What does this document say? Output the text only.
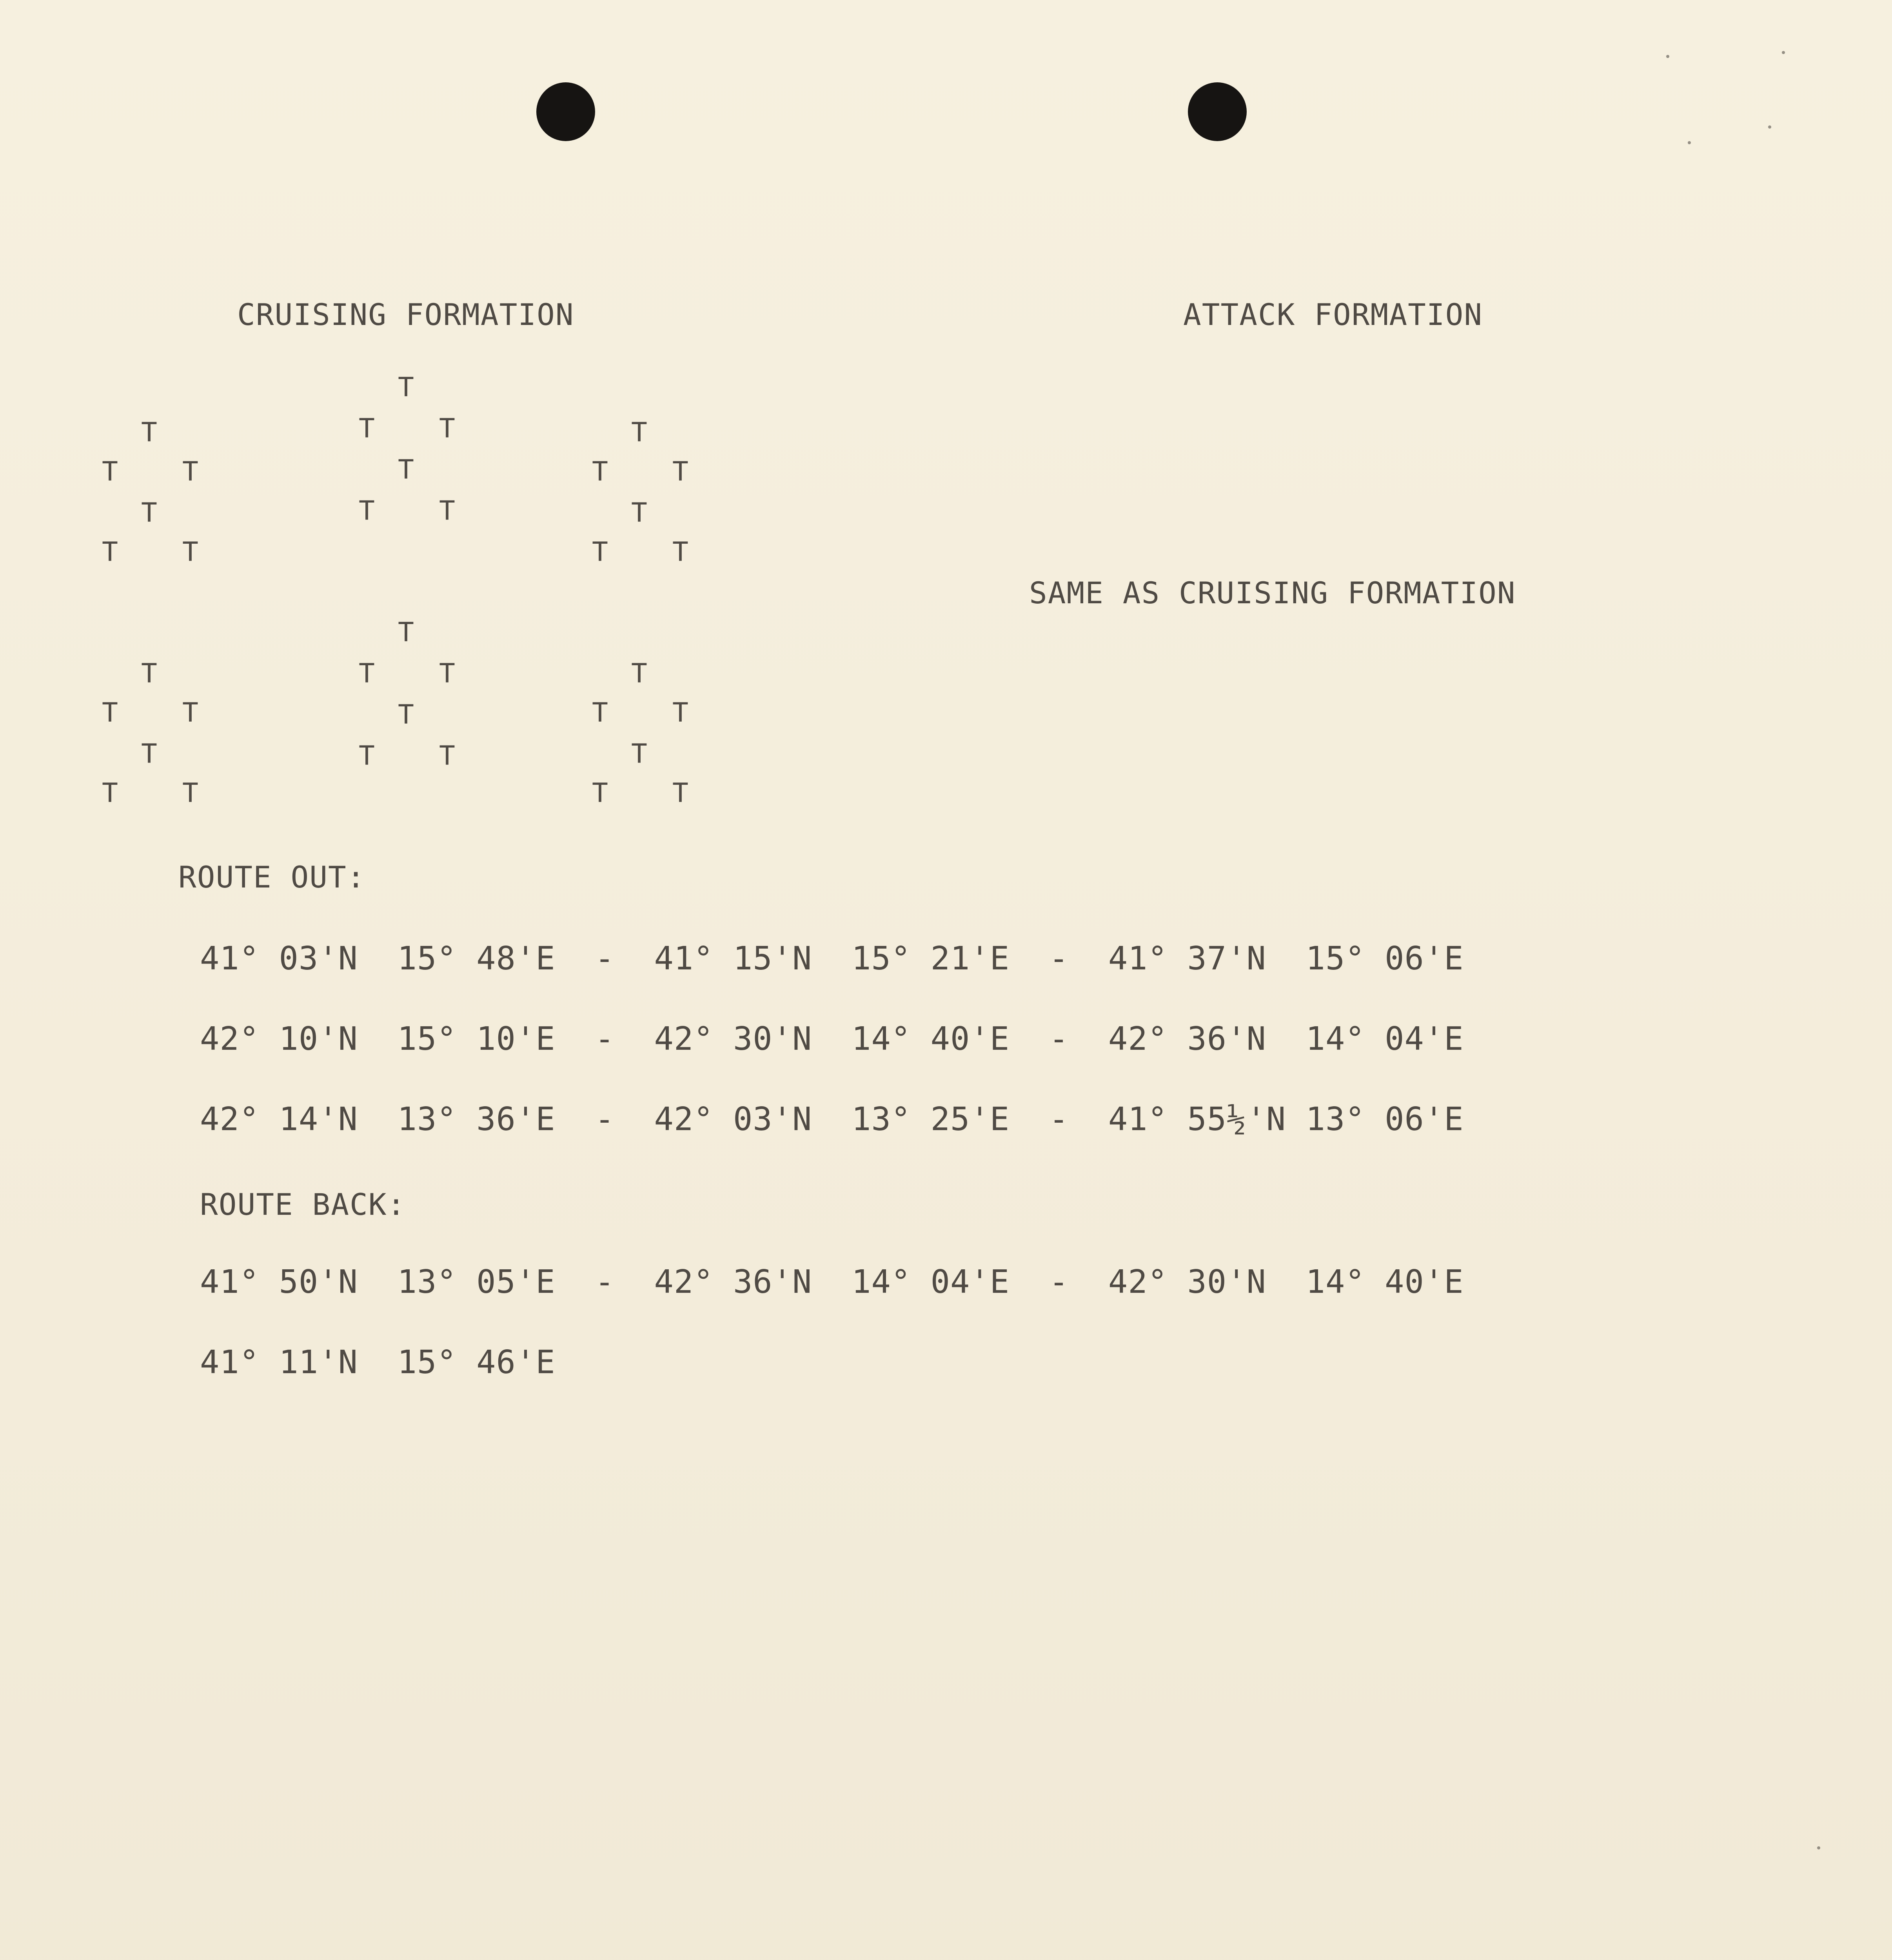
CRUISING FORMATION	ATTACK FORMATION
SAME AS CRUISING FORMATION
T
T T
T
T T
T
T T
T
T T
T
T T
T
T T
T
T T
T
T T
T
T T
T
T T
T
T T
T
T T
ROUTE OUT:
41° 03'N  15° 48'E  -  41° 15'N  15° 21'E  -  41° 37'N  15° 06'E
42° 10'N  15° 10'E  -  42° 30'N  14° 40'E  -  42° 36'N  14° 04'E
42° 14'N  13° 36'E  -  42° 03'N  13° 25'E  -  41° 55½'N 13° 06'E
ROUTE BACK:
41° 50'N  13° 05'E  -  42° 36'N  14° 04'E  -  42° 30'N  14° 40'E
41° 11'N  15° 46'E
